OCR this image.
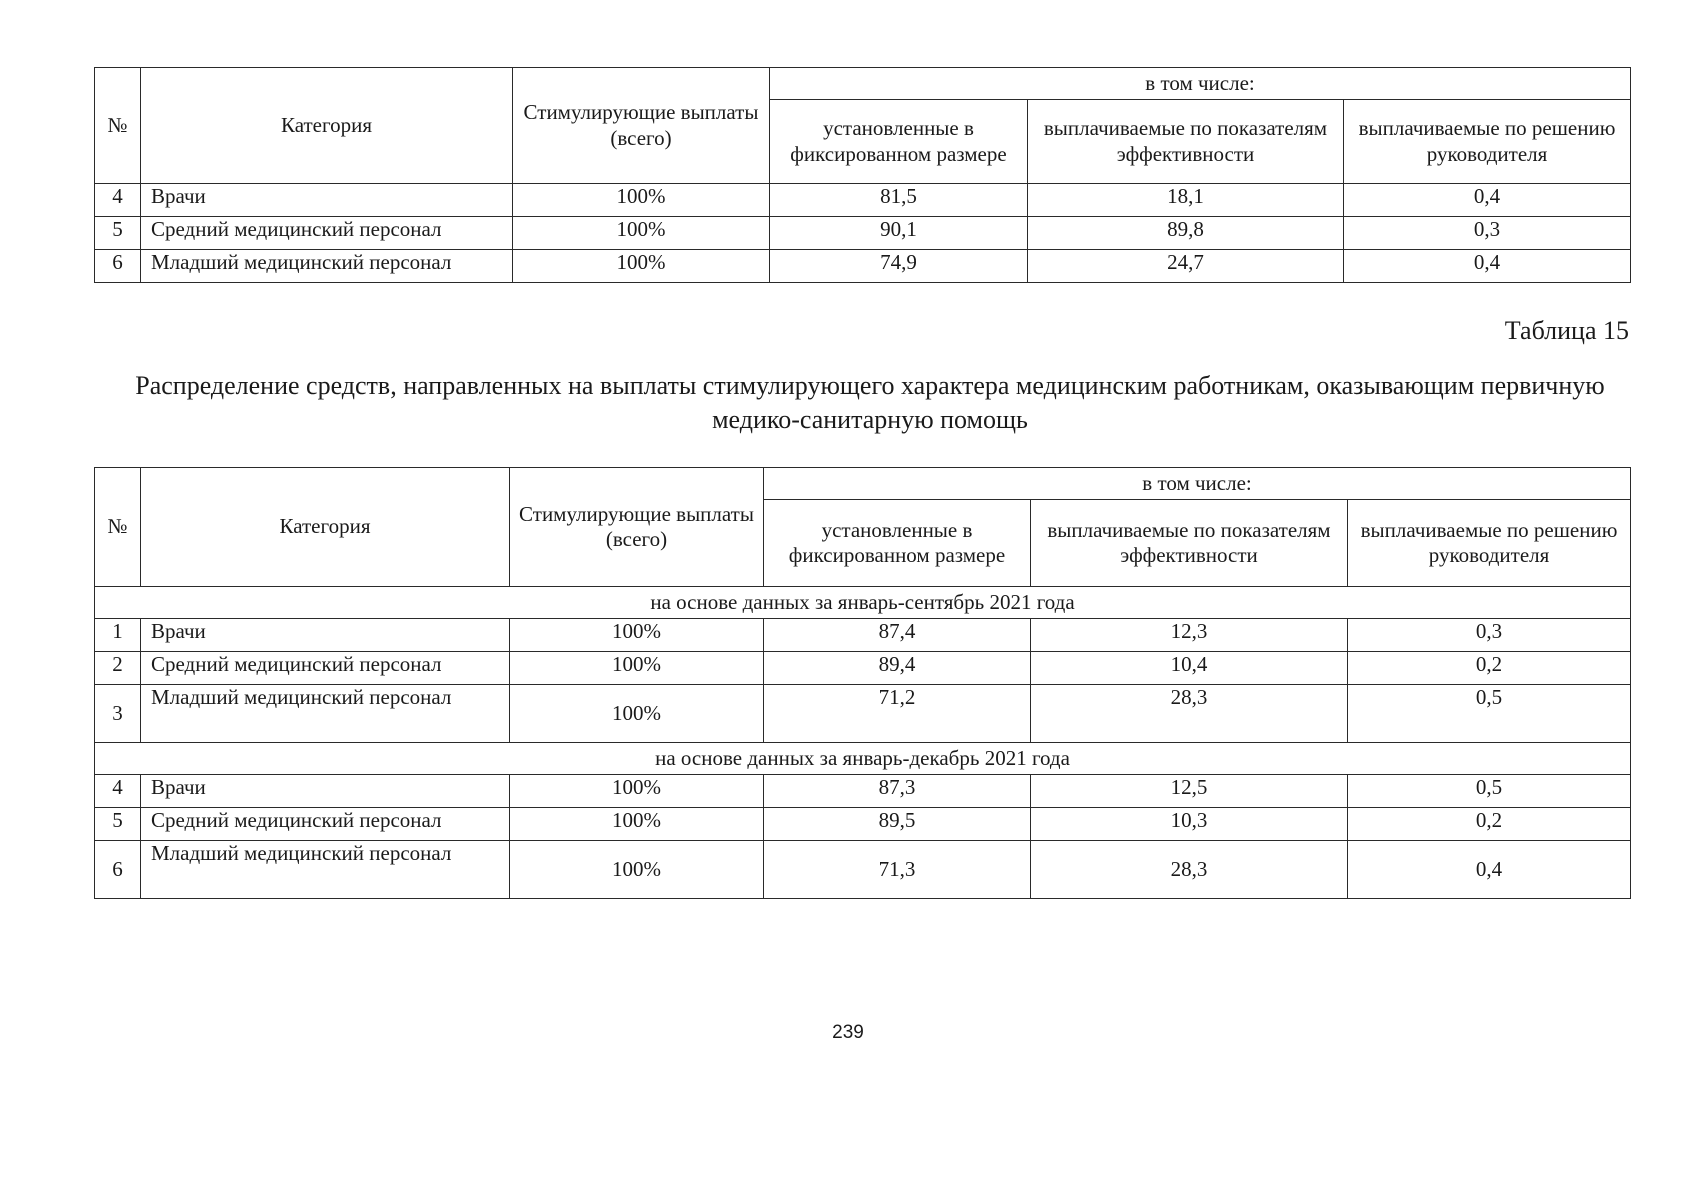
№	Категория	Стимулирующие выплаты (всего)	в том числе:		
			установленные в фиксированном размере	выплачиваемые по показателям эффективности	выплачиваемые по решению руководителя
4	Врачи	100%	81,5	18,1	0,4
5	Средний медицинский персонал	100%	90,1	89,8	0,3
6	Младший медицинский персонал	100%	74,9	24,7	0,4
Таблица 15
Распределение средств, направленных на выплаты стимулирующего характера медицинским работникам, оказывающим первичную медико-санитарную помощь
№	Категория	Стимулирующие выплаты (всего)	в том числе:		
			установленные в фиксированном размере	выплачиваемые по показателям эффективности	выплачиваемые по решению руководителя
на основе данных за январь-сентябрь 2021 года					
1	Врачи	100%	87,4	12,3	0,3
2	Средний медицинский персонал	100%	89,4	10,4	0,2
3	Младший медицинский персонал	100%	71,2	28,3	0,5
на основе данных за январь-декабрь 2021 года					
4	Врачи	100%	87,3	12,5	0,5
5	Средний медицинский персонал	100%	89,5	10,3	0,2
6	Младший медицинский персонал	100%	71,3	28,3	0,4
239
